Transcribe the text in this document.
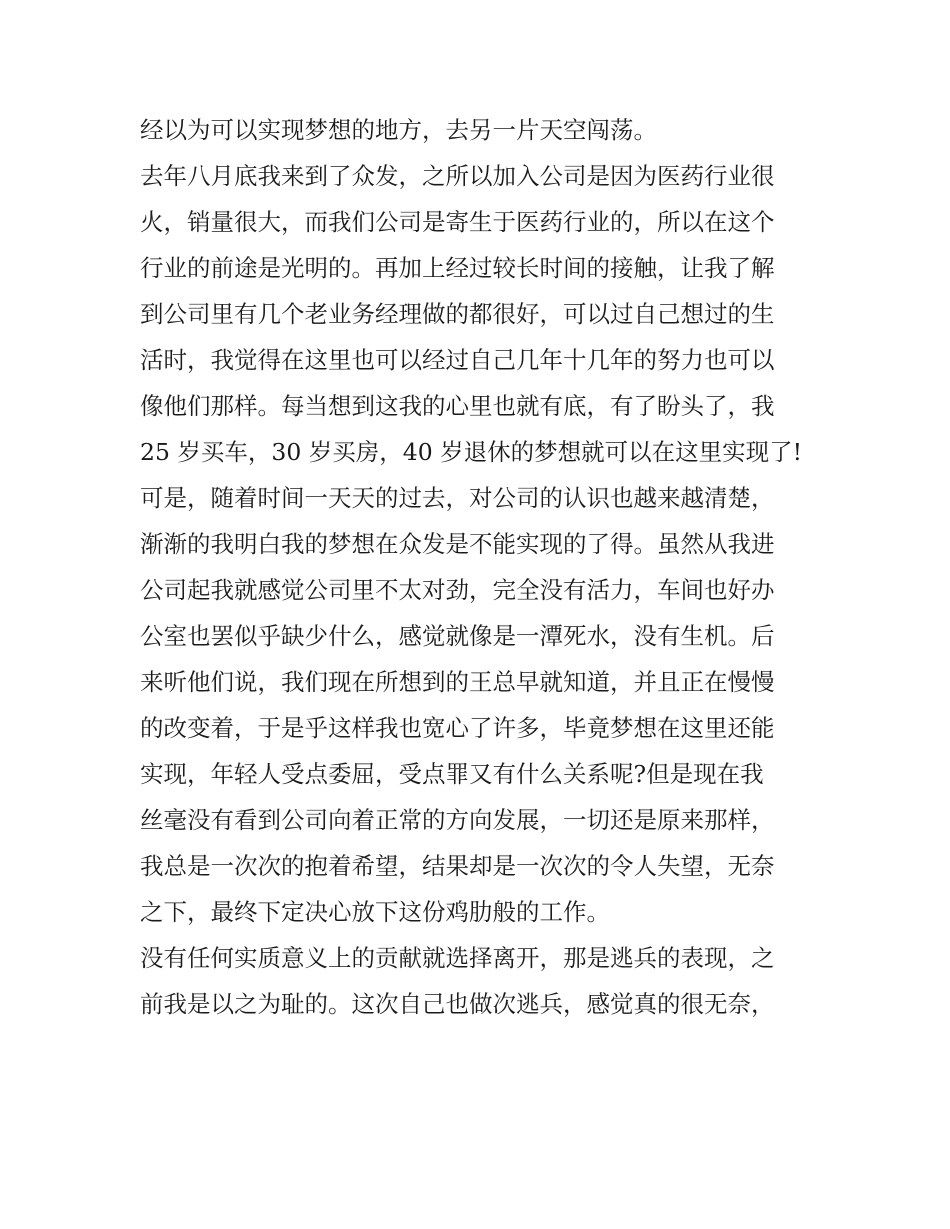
经以为可以实现梦想的地方，去另一片天空闯荡。
去年八月底我来到了众发，之所以加入公司是因为医药行业很
火，销量很大，而我们公司是寄生于医药行业的，所以在这个
行业的前途是光明的。再加上经过较长时间的接触，让我了解
到公司里有几个老业务经理做的都很好，可以过自己想过的生
活时，我觉得在这里也可以经过自己几年十几年的努力也可以
像他们那样。每当想到这我的心里也就有底，有了盼头了，我
25 岁买车，30 岁买房，40 岁退休的梦想就可以在这里实现了!
可是，随着时间一天天的过去，对公司的认识也越来越清楚，
渐渐的我明白我的梦想在众发是不能实现的了得。虽然从我进
公司起我就感觉公司里不太对劲，完全没有活力，车间也好办
公室也罢似乎缺少什么，感觉就像是一潭死水，没有生机。后
来听他们说，我们现在所想到的王总早就知道，并且正在慢慢
的改变着，于是乎这样我也宽心了许多，毕竟梦想在这里还能
实现，年轻人受点委屈，受点罪又有什么关系呢?但是现在我
丝毫没有看到公司向着正常的方向发展，一切还是原来那样，
我总是一次次的抱着希望，结果却是一次次的令人失望，无奈
之下，最终下定决心放下这份鸡肋般的工作。
没有任何实质意义上的贡献就选择离开，那是逃兵的表现，之
前我是以之为耻的。这次自己也做次逃兵，感觉真的很无奈，
